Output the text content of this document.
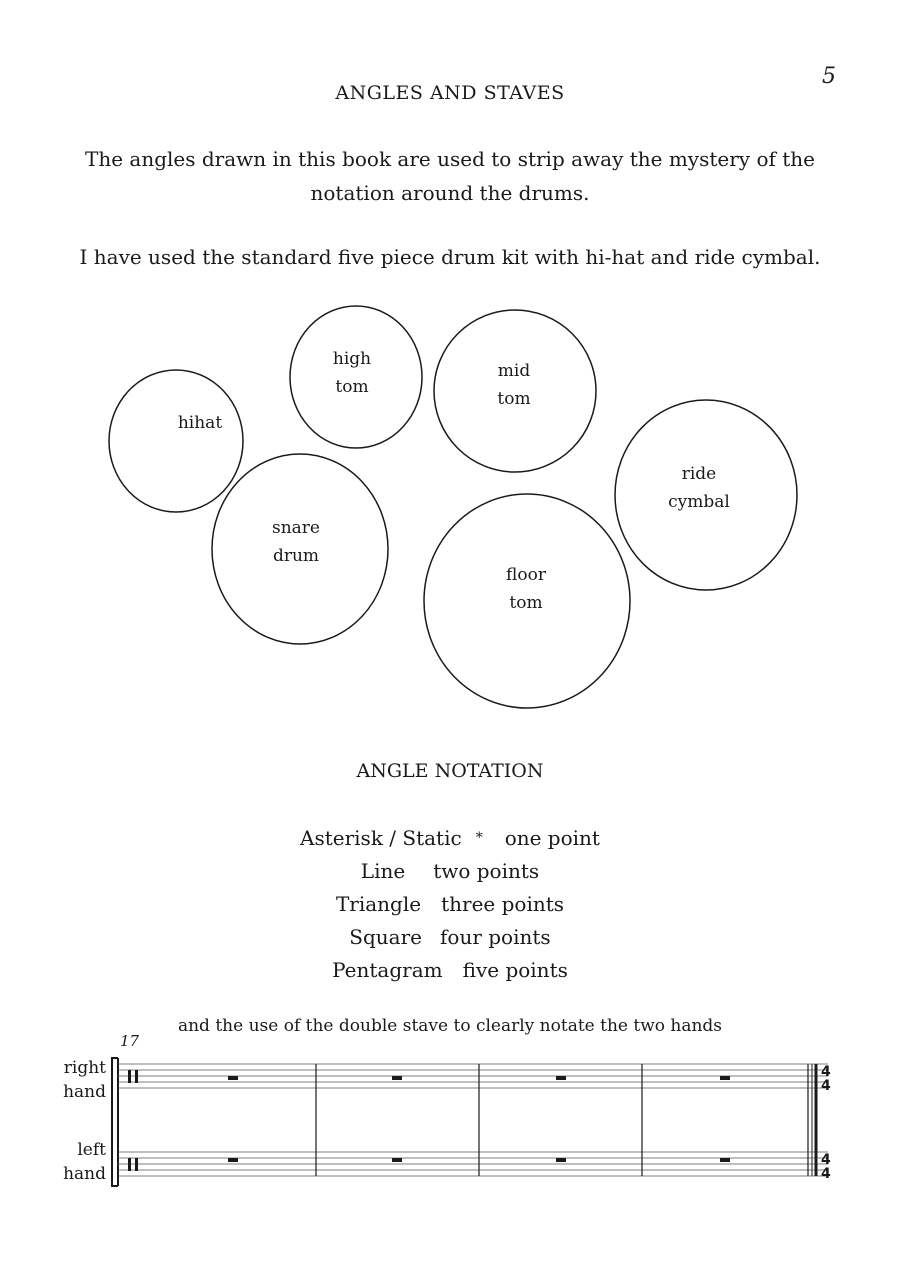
5
ANGLES AND STAVES
The angles drawn in this book are used to strip away the mystery of the notation around the drums.
I have used the standard five piece drum kit with hi-hat and ride cymbal.
4
4
4
4
hihat
high
tom
mid
tom
ride
cymbal
snare
drum
floor
tom
ANGLE NOTATION
Asterisk / Static * one point
Line two points
Triangle three points
Square four points
Pentagram five points
and the use of the double stave to clearly notate the two hands
17
right
hand
left
hand
